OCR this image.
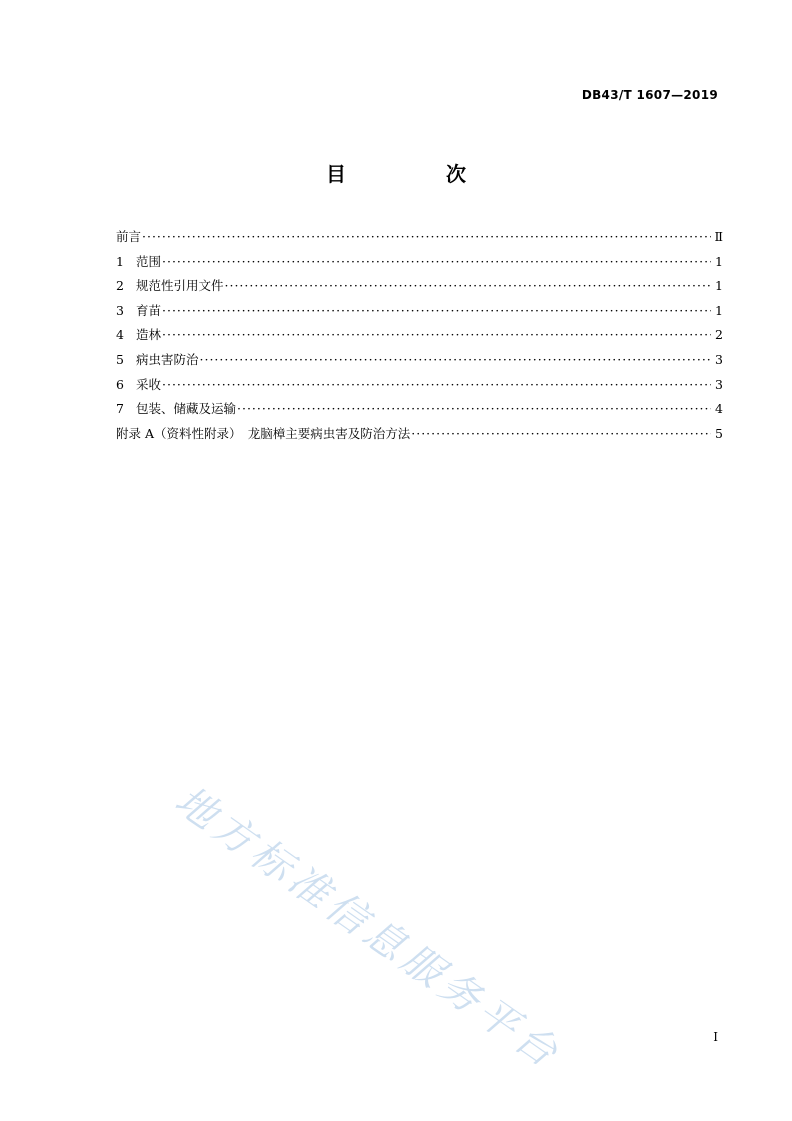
DB43/T 1607—2019
目　次
前言 ·····	Ⅱ
1 范围 ·····	1
2 规范性引用文件 ·····	1
3 育苗 ·····	1
4 造林 ·····	2
5 病虫害防治 ·····	3
6 采收 ·····	3
7 包装、储藏及运输 ·····	4
附录 A（资料性附录）　龙脑樟主要病虫害及防治方法 ·····	5
地方标准信息服务平台	I
